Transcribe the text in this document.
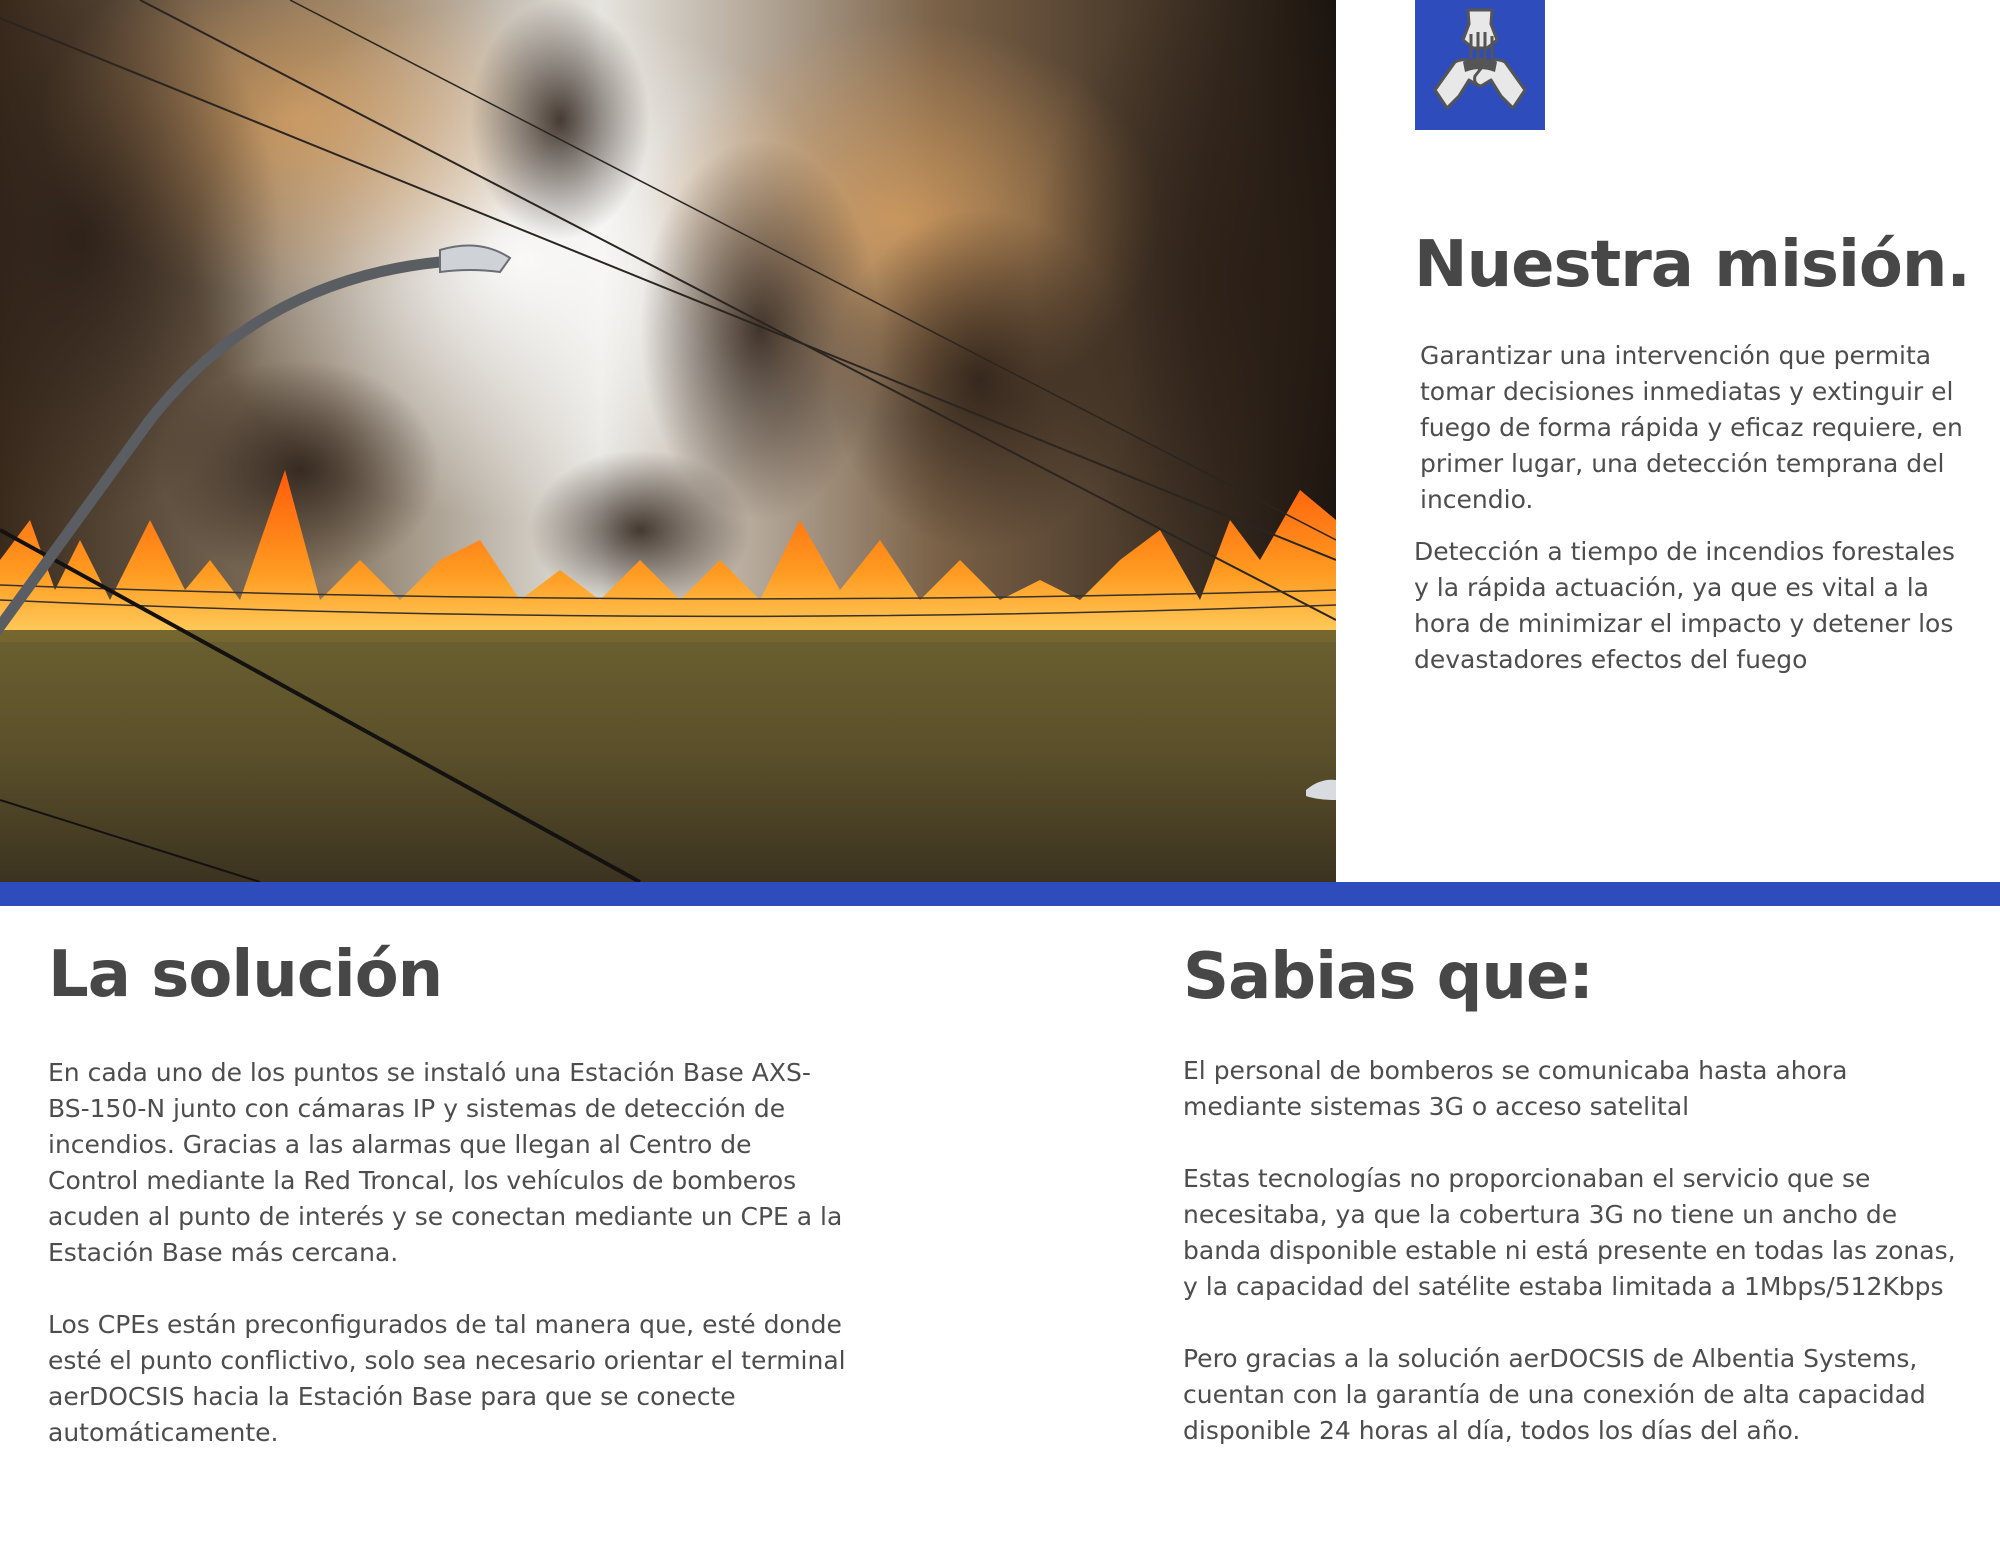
Nuestra misión.

Garantizar una intervención que permita tomar decisiones inmediatas y extinguir el fuego de forma rápida y eficaz requiere, en primer lugar, una detección temprana del incendio.

Detección a tiempo de incendios forestales y la rápida actuación, ya que es vital a la hora de minimizar el impacto y detener los devastadores efectos del fuego

La solución

En cada uno de los puntos se instaló una Estación Base AXS-BS-150-N junto con cámaras IP y sistemas de detección de incendios. Gracias a las alarmas que llegan al Centro de Control mediante la Red Troncal, los vehículos de bomberos acuden al punto de interés y se conectan mediante un CPE a la Estación Base más cercana.

Los CPEs están preconfigurados de tal manera que, esté donde esté el punto conflictivo, solo sea necesario orientar el terminal aerDOCSIS hacia la Estación Base para que se conecte automáticamente.

Sabias que:

El personal de bomberos se comunicaba hasta ahora mediante sistemas 3G o acceso satelital

Estas tecnologías no proporcionaban el servicio que se necesitaba, ya que la cobertura 3G no tiene un ancho de banda disponible estable ni está presente en todas las zonas, y la capacidad del satélite estaba limitada a 1Mbps/512Kbps

Pero gracias a la solución aerDOCSIS de Albentia Systems, cuentan con la garantía de una conexión de alta capacidad disponible 24 horas al día, todos los días del año.
